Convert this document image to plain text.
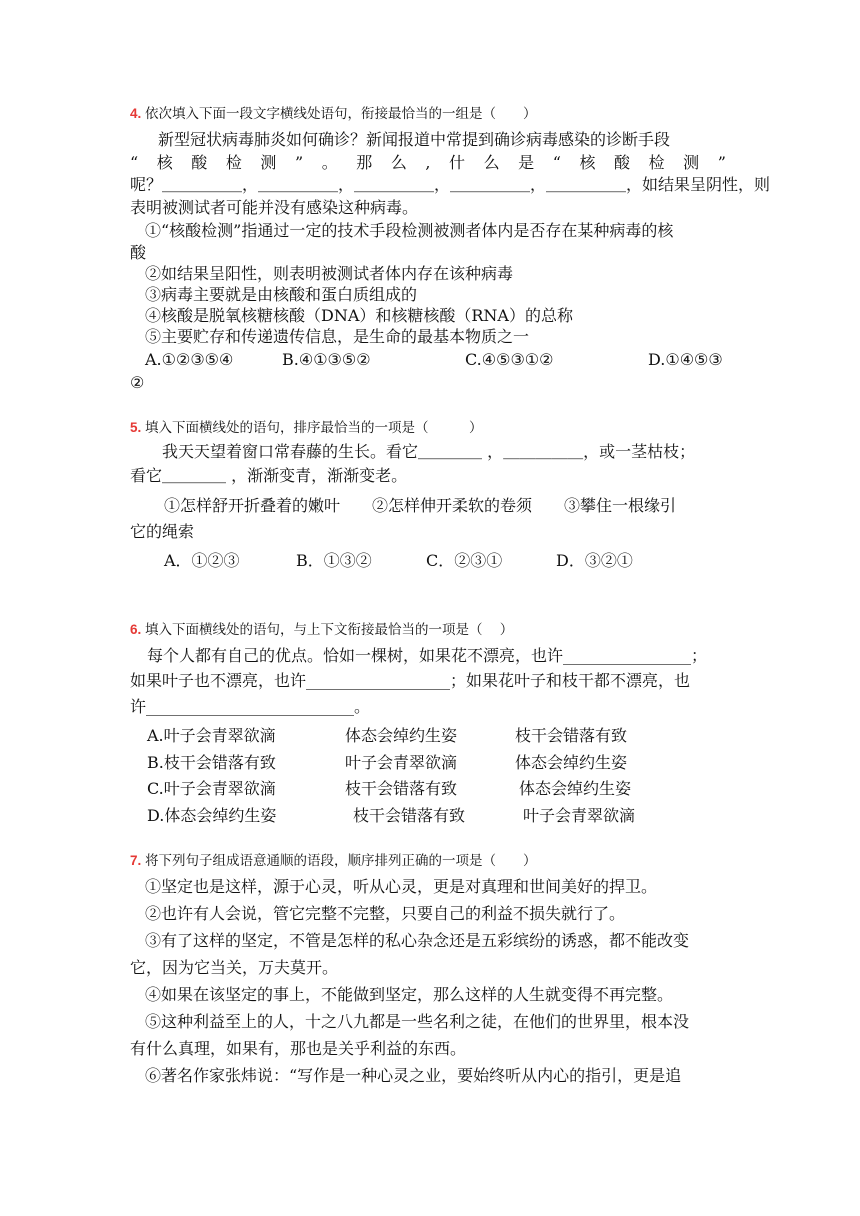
4. 依次填入下面一段文字横线处语句，衔接最恰当的一组是（　　）
新型冠状病毒肺炎如何确诊？新闻报道中常提到确诊病毒感染的诊断手段
“ 核 酸 检 测 ” 。 那 么 , 什 么 是 “ 核 酸 检 测 ”
呢？＿＿＿＿＿，＿＿＿＿＿，＿＿＿＿＿，＿＿＿＿＿，＿＿＿＿＿，如结果呈阴性，则
表明被测试者可能并没有感染这种病毒。
①“核酸检测”指通过一定的技术手段检测被测者体内是否存在某种病毒的核
酸
②如结果呈阳性，则表明被测试者体内存在该种病毒
③病毒主要就是由核酸和蛋白质组成的
④核酸是脱氧核糖核酸（DNA）和核糖核酸（RNA）的总称
⑤主要贮存和传递遗传信息，是生命的最基本物质之一
A.①②③⑤④	B.④①③⑤②	C.④⑤③①②	D.①④⑤③
②
5. 填入下面横线处的语句，排序最恰当的一项是（　　　）
我天天望着窗口常春藤的生长。看它＿＿＿＿ ，＿＿＿＿＿，或一茎枯枝；
看它＿＿＿＿ ，渐渐变青，渐渐变老。
①怎样舒开折叠着的嫩叶　　②怎样伸开柔软的卷须　　③攀住一根缘引
它的绳索
A．①②③	B．①③②	C．②③①	D．③②①
6. 填入下面横线处的语句，与上下文衔接最恰当的一项是（　 ）
每个人都有自己的优点。恰如一棵树，如果花不漂亮，也许________________；
如果叶子也不漂亮，也许__________________；如果花叶子和枝干都不漂亮，也
许__________________________。
A.叶子会青翠欲滴	体态会绰约生姿	枝干会错落有致
B.枝干会错落有致	叶子会青翠欲滴	体态会绰约生姿
C.叶子会青翠欲滴	枝干会错落有致	体态会绰约生姿
D.体态会绰约生姿	枝干会错落有致	叶子会青翠欲滴
7. 将下列句子组成语意通顺的语段，顺序排列正确的一项是（　　）
①坚定也是这样，源于心灵，听从心灵，更是对真理和世间美好的捍卫。
②也许有人会说，管它完整不完整，只要自己的利益不损失就行了。
③有了这样的坚定，不管是怎样的私心杂念还是五彩缤纷的诱惑，都不能改变
它，因为它当关，万夫莫开。
④如果在该坚定的事上，不能做到坚定，那么这样的人生就变得不再完整。
⑤这种利益至上的人，十之八九都是一些名利之徒，在他们的世界里，根本没
有什么真理，如果有，那也是关乎利益的东西。
⑥著名作家张炜说：“写作是一种心灵之业，要始终听从内心的指引，更是追
